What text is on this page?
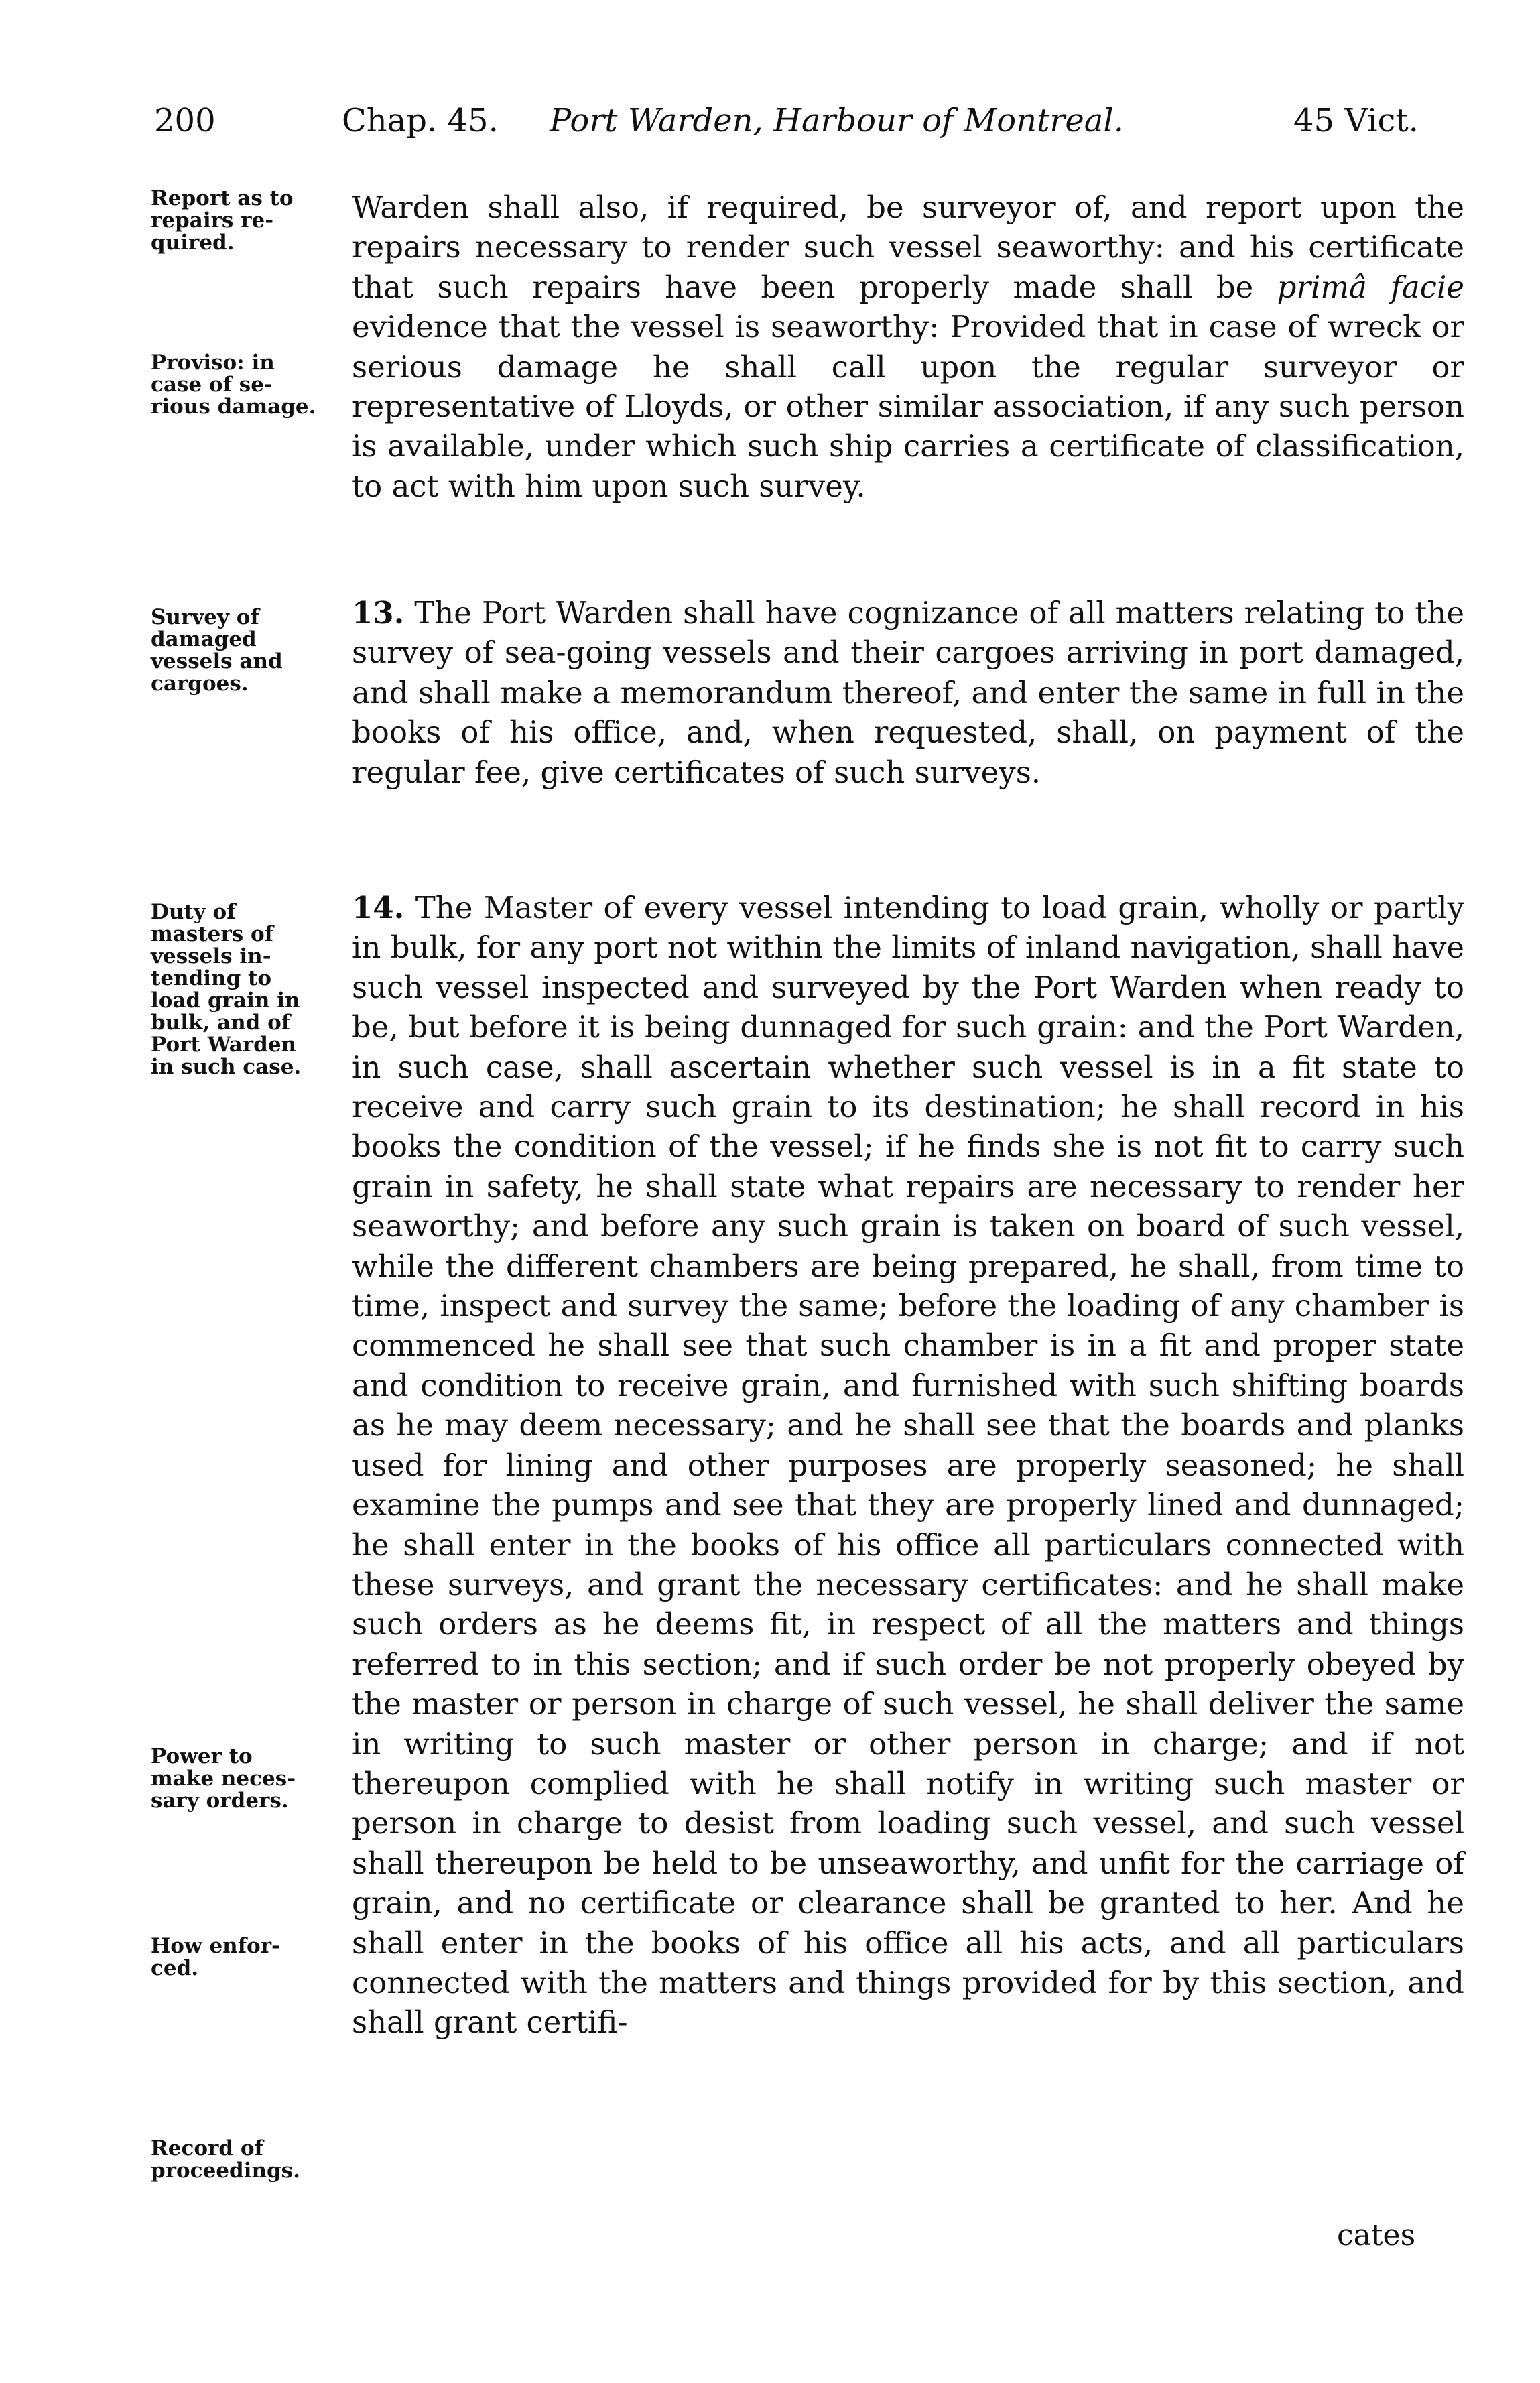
200	Chap. 45. Port Warden, Harbour of Montreal.	45 Vict.
Report as to
repairs re-
quired.
Proviso: in
case of se-
rious damage.
Survey of
damaged
vessels and
cargoes.
Duty of
masters of
vessels in-
tending to
load grain in
bulk, and of
Port Warden
in such case.
Power to
make neces-
sary orders.
How enfor-
ced.
Record of
proceedings.
Warden shall also, if required, be surveyor of, and report upon the repairs necessary to render such vessel seaworthy: and his certificate that such repairs have been properly made shall be primâ facie evidence that the vessel is seaworthy: Provided that in case of wreck or serious damage he shall call upon the regular surveyor or representative of Lloyds, or other similar association, if any such person is available, under which such ship carries a certificate of classification, to act with him upon such survey.
13. The Port Warden shall have cognizance of all matters relating to the survey of sea-going vessels and their cargoes arriving in port damaged, and shall make a memorandum thereof, and enter the same in full in the books of his office, and, when requested, shall, on payment of the regular fee, give certificates of such surveys.
14. The Master of every vessel intending to load grain, wholly or partly in bulk, for any port not within the limits of inland navigation, shall have such vessel inspected and surveyed by the Port Warden when ready to be, but before it is being dunnaged for such grain: and the Port Warden, in such case, shall ascertain whether such vessel is in a fit state to receive and carry such grain to its destination; he shall record in his books the condition of the vessel; if he finds she is not fit to carry such grain in safety, he shall state what repairs are necessary to render her seaworthy; and before any such grain is taken on board of such vessel, while the different chambers are being prepared, he shall, from time to time, inspect and survey the same; before the loading of any chamber is commenced he shall see that such chamber is in a fit and proper state and condition to receive grain, and furnished with such shifting boards as he may deem necessary; and he shall see that the boards and planks used for lining and other purposes are properly seasoned; he shall examine the pumps and see that they are properly lined and dunnaged; he shall enter in the books of his office all particulars connected with these surveys, and grant the necessary certificates: and he shall make such orders as he deems fit, in respect of all the matters and things referred to in this section; and if such order be not properly obeyed by the master or person in charge of such vessel, he shall deliver the same in writing to such master or other person in charge; and if not thereupon complied with he shall notify in writing such master or person in charge to desist from loading such vessel, and such vessel shall thereupon be held to be unseaworthy, and unfit for the carriage of grain, and no certificate or clearance shall be granted to her. And he shall enter in the books of his office all his acts, and all particulars connected with the matters and things provided for by this section, and shall grant certifi-
cates
